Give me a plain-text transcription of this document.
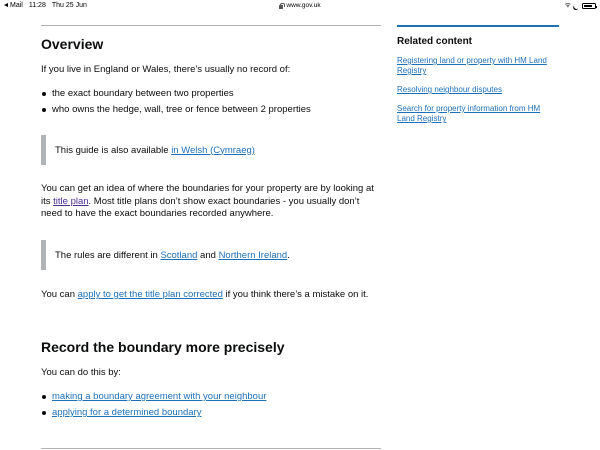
Mail 11:28 Thu 25 Jun	www.gov.uk	ᯤ
Overview

If you live in England or Wales, there’s usually no record of:

the exact boundary between two properties
who owns the hedge, wall, tree or fence between 2 properties
This guide is also available in Welsh (Cymraeg)

You can get an idea of where the boundaries for your property are by looking at its title plan. Most title plans don’t show exact boundaries - you usually don’t need to have the exact boundaries recorded anywhere.

The rules are different in Scotland and Northern Ireland.

You can apply to get the title plan corrected if you think there’s a mistake on it.

Record the boundary more precisely

You can do this by:

making a boundary agreement with your neighbour
applying for a determined boundary
Related content
Registering land or property with HM Land Registry
Resolving neighbour disputes
Search for property information from HM Land Registry
